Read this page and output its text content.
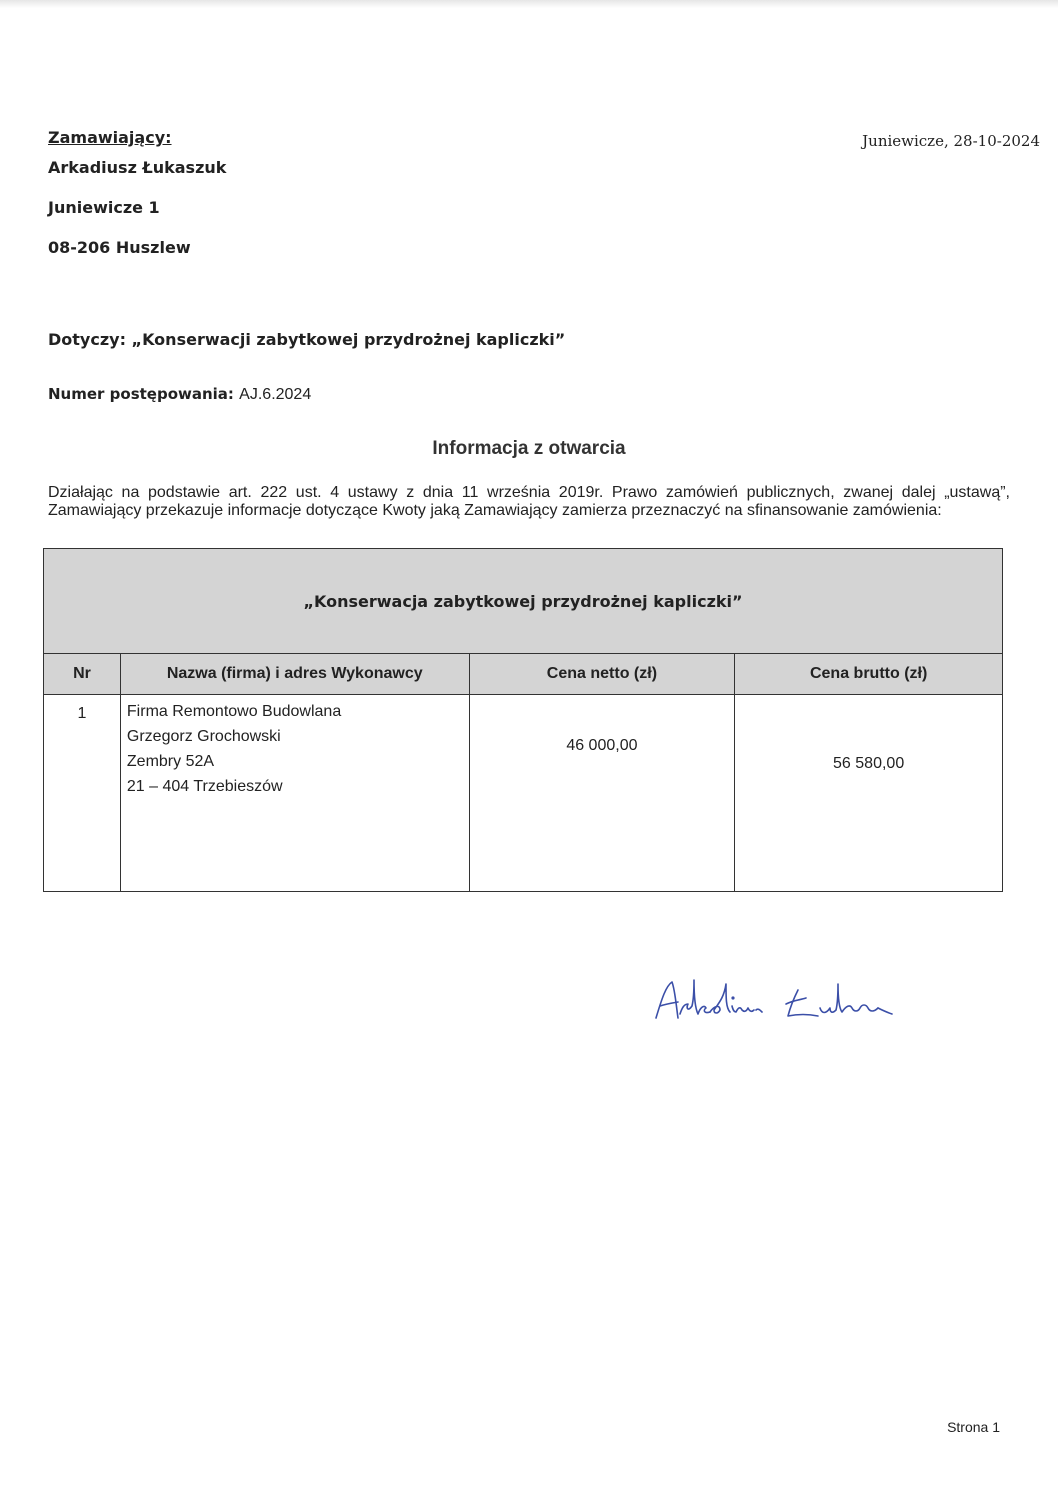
Zamawiający:
Arkadiusz Łukaszuk
Juniewicze 1
08-206 Huszlew
Juniewicze, 28-10-2024
Dotyczy: „Konserwacji zabytkowej przydrożnej kapliczki”
Numer postępowania: AJ.6.2024
Informacja z otwarcia
Działając na podstawie art. 222 ust. 4 ustawy z dnia 11 września 2019r. Prawo zamówień publicznych, zwanej dalej „ustawą”, Zamawiający przekazuje informacje dotyczące Kwoty jaką Zamawiający zamierza przeznaczyć na sfinansowanie zamówienia:
„Konserwacja zabytkowej przydrożnej kapliczki”			
Nr	Nazwa (firma) i adres Wykonawcy	Cena netto (zł)	Cena brutto (zł)
1	Firma Remontowo Budowlana
Grzegorz Grochowski
Zembry 52A
21 – 404 Trzebieszów	46 000,00	56 580,00
Strona 1
